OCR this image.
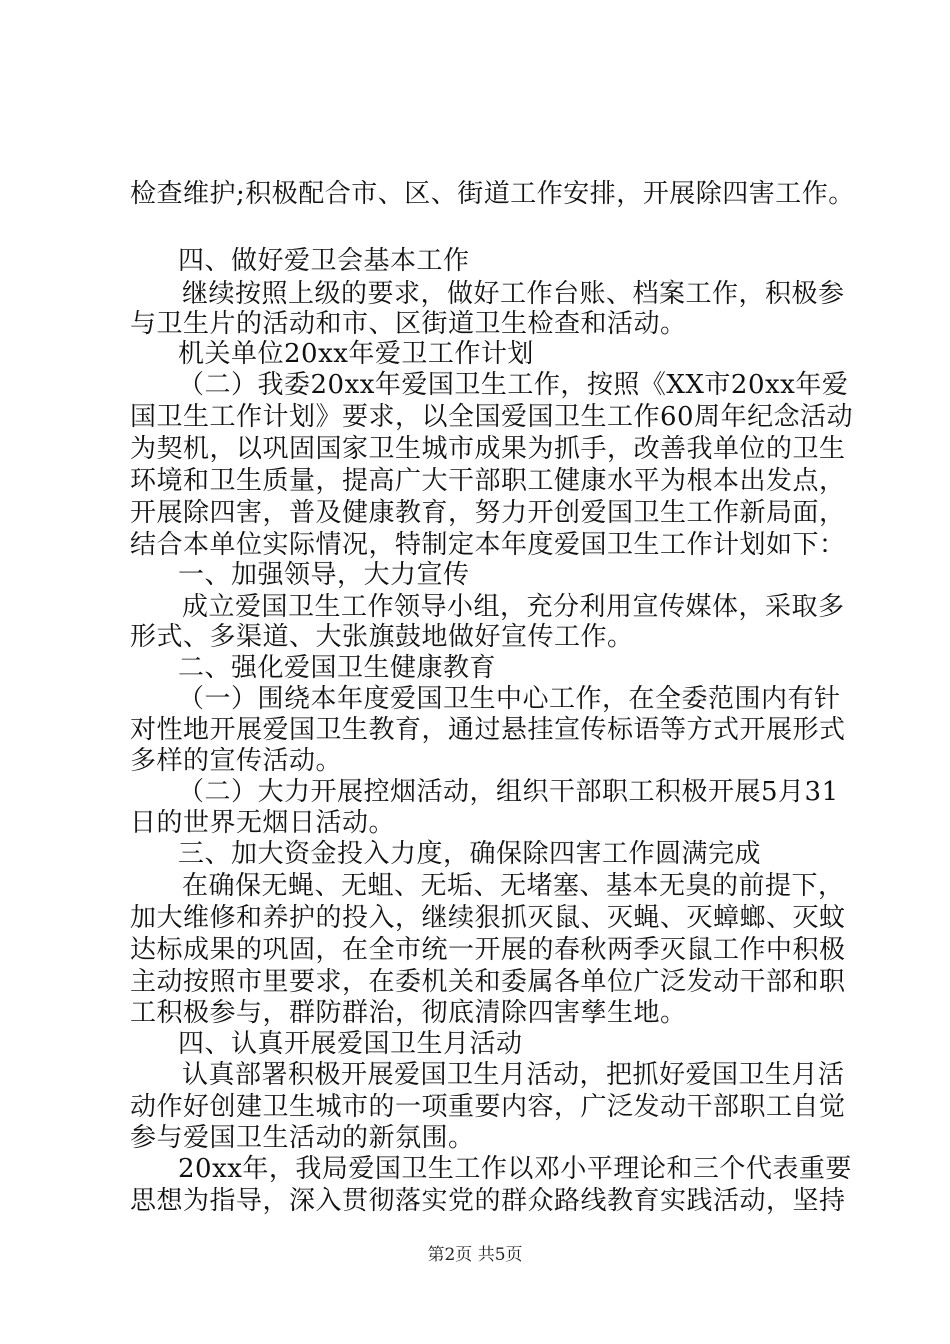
检查维护;积极配合市、区、街道工作安排，开展除四害工作。
四、做好爱卫会基本工作
继续按照上级的要求，做好工作台账、档案工作，积极参
与卫生片的活动和市、区街道卫生检查和活动。
机关单位20xx年爱卫工作计划
（二）我委20xx年爱国卫生工作，按照《XX市20xx年爱
国卫生工作计划》要求，以全国爱国卫生工作60周年纪念活动
为契机，以巩固国家卫生城市成果为抓手，改善我单位的卫生
环境和卫生质量，提高广大干部职工健康水平为根本出发点，
开展除四害，普及健康教育，努力开创爱国卫生工作新局面，
结合本单位实际情况，特制定本年度爱国卫生工作计划如下：
一、加强领导，大力宣传
成立爱国卫生工作领导小组，充分利用宣传媒体，采取多
形式、多渠道、大张旗鼓地做好宣传工作。
二、强化爱国卫生健康教育
（一）围绕本年度爱国卫生中心工作，在全委范围内有针
对性地开展爱国卫生教育，通过悬挂宣传标语等方式开展形式
多样的宣传活动。
（二）大力开展控烟活动，组织干部职工积极开展5月31
日的世界无烟日活动。
三、加大资金投入力度，确保除四害工作圆满完成
在确保无蝇、无蛆、无垢、无堵塞、基本无臭的前提下，
加大维修和养护的投入，继续狠抓灭鼠、灭蝇、灭蟑螂、灭蚊
达标成果的巩固，在全市统一开展的春秋两季灭鼠工作中积极
主动按照市里要求，在委机关和委属各单位广泛发动干部和职
工积极参与，群防群治，彻底清除四害孳生地。
四、认真开展爱国卫生月活动
认真部署积极开展爱国卫生月活动，把抓好爱国卫生月活
动作好创建卫生城市的一项重要内容，广泛发动干部职工自觉
参与爱国卫生活动的新氛围。
20xx年，我局爱国卫生工作以邓小平理论和三个代表重要
思想为指导，深入贯彻落实党的群众路线教育实践活动，坚持
第2页 共5页
